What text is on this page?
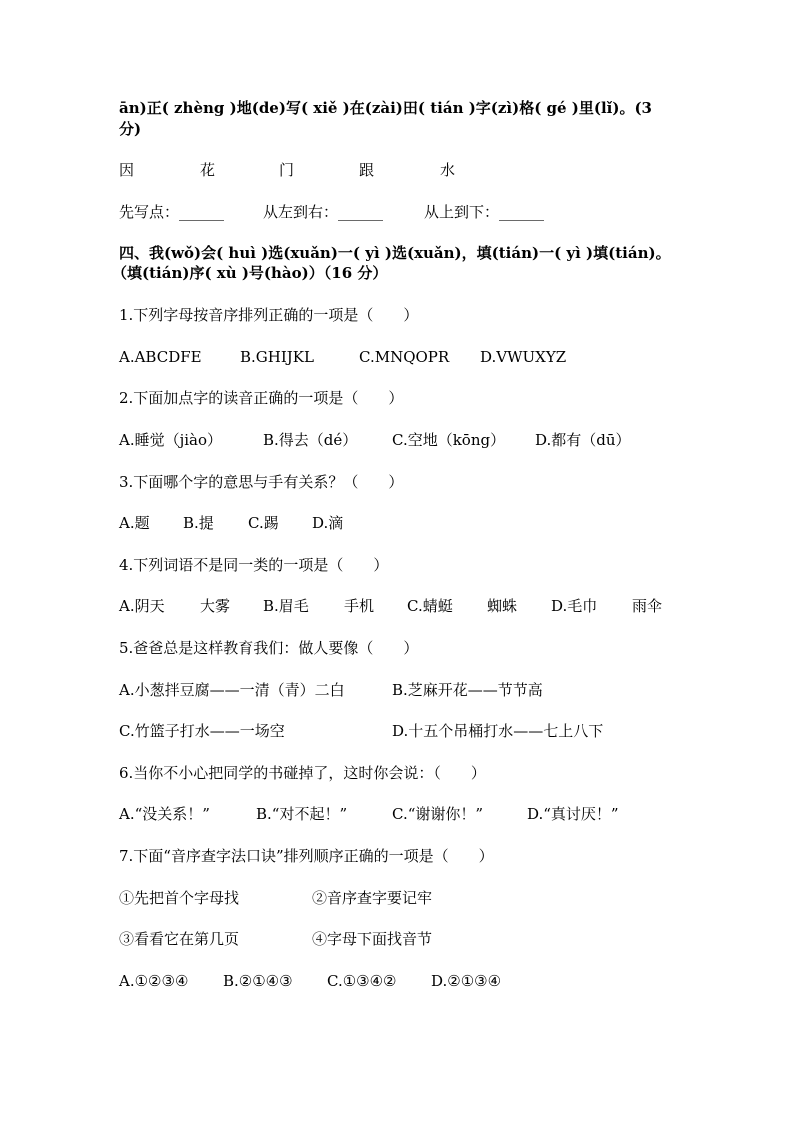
ān)正( zhèng )地(de)写( xiě )在(zài)田( tián )字(zì)格( gé )里(lǐ)。(3
分)
因	花	门	跟	水
先写点：______	从左到右：______	从上到下：______
四、我(wǒ)会( huì )选(xuǎn)一( yì )选(xuǎn)，填(tián)一( yì )填(tián)。
（填(tián)序( xù )号(hào)）（16 分）
1.下列字母按音序排列正确的一项是（　　）
A.ABCDFE	B.GHIJKL	C.MNQOPR D.VWUXYZ
2.下面加点字的读音正确的一项是（　　）
A.睡觉（jiào）	B.得去（dé） C.空地（kōng） D.都有（dū）
3.下面哪个字的意思与手有关系？（　　）
A.题 B.提 C.踢 D.滴
4.下列词语不是同一类的一项是（　　）
A.阴天 大雾 B.眉毛 手机 C.蜻蜓 蜘蛛 D.毛巾 雨伞
5.爸爸总是这样教育我们：做人要像（　　）
A.小葱拌豆腐——一清（青）二白	B.芝麻开花——节节高
C.竹篮子打水——一场空	D.十五个吊桶打水——七上八下
6.当你不小心把同学的书碰掉了，这时你会说：（　　）
A.“没关系！”	B.“对不起！”	C.“谢谢你！”	D.“真讨厌！”
7.下面“音序查字法口诀”排列顺序正确的一项是（　　）
①先把首个字母找	②音序查字要记牢
③看看它在第几页	④字母下面找音节
A.①②③④ B.②①④③ C.①③④② D.②①③④
